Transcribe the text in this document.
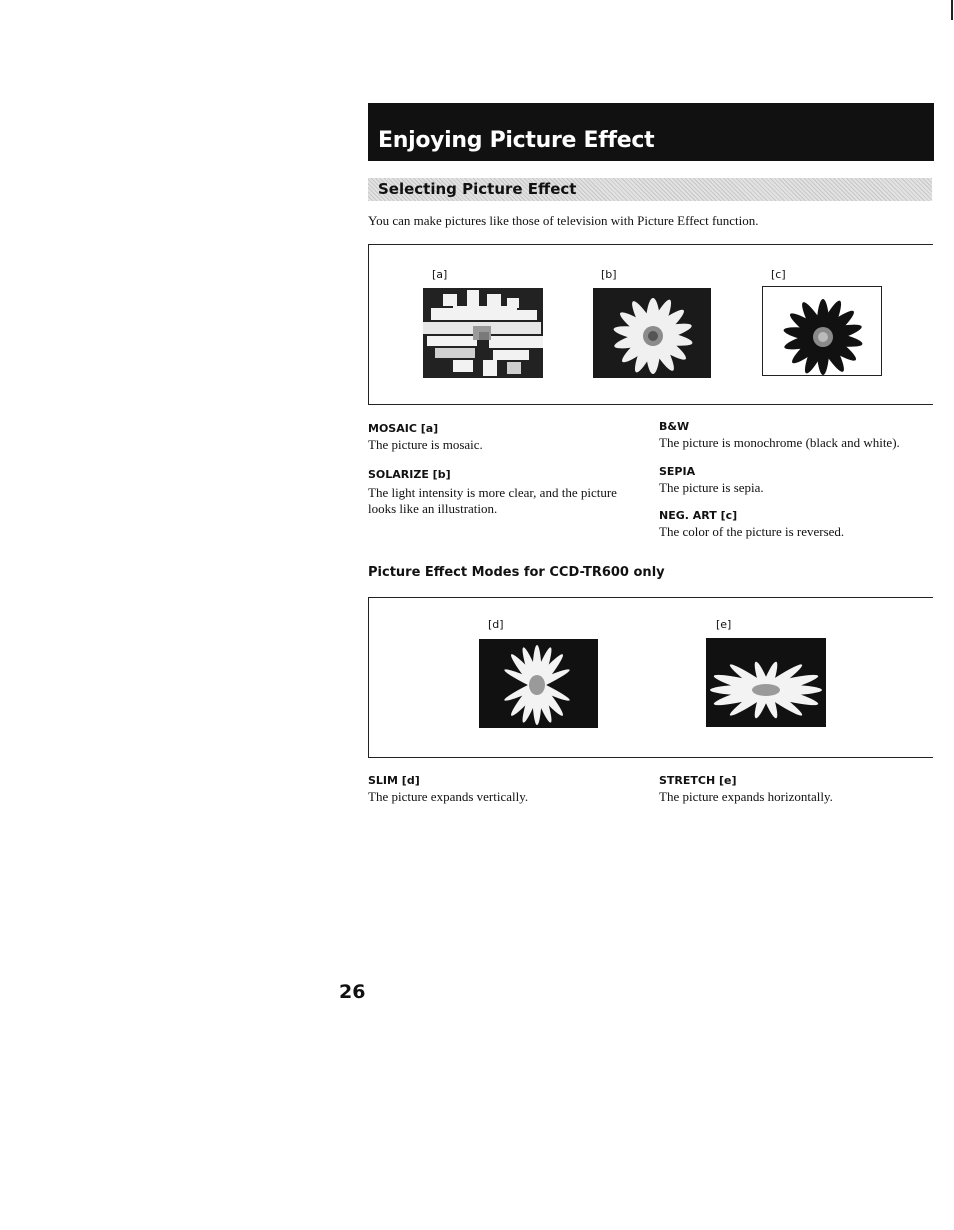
Enjoying Picture Effect
Selecting Picture Effect
You can make pictures like those of television with Picture Effect function.
[a]	[b]	[c]
MOSAIC [a]
The picture is mosaic.
SOLARIZE [b]
The light intensity is more clear, and the picture
looks like an illustration.
B&W
The picture is monochrome (black and white).
SEPIA
The picture is sepia.
NEG. ART [c]
The color of the picture is reversed.
Picture Effect Modes for CCD-TR600 only
[d]	[e]
SLIM [d]
The picture expands vertically.
STRETCH [e]
The picture expands horizontally.
26
